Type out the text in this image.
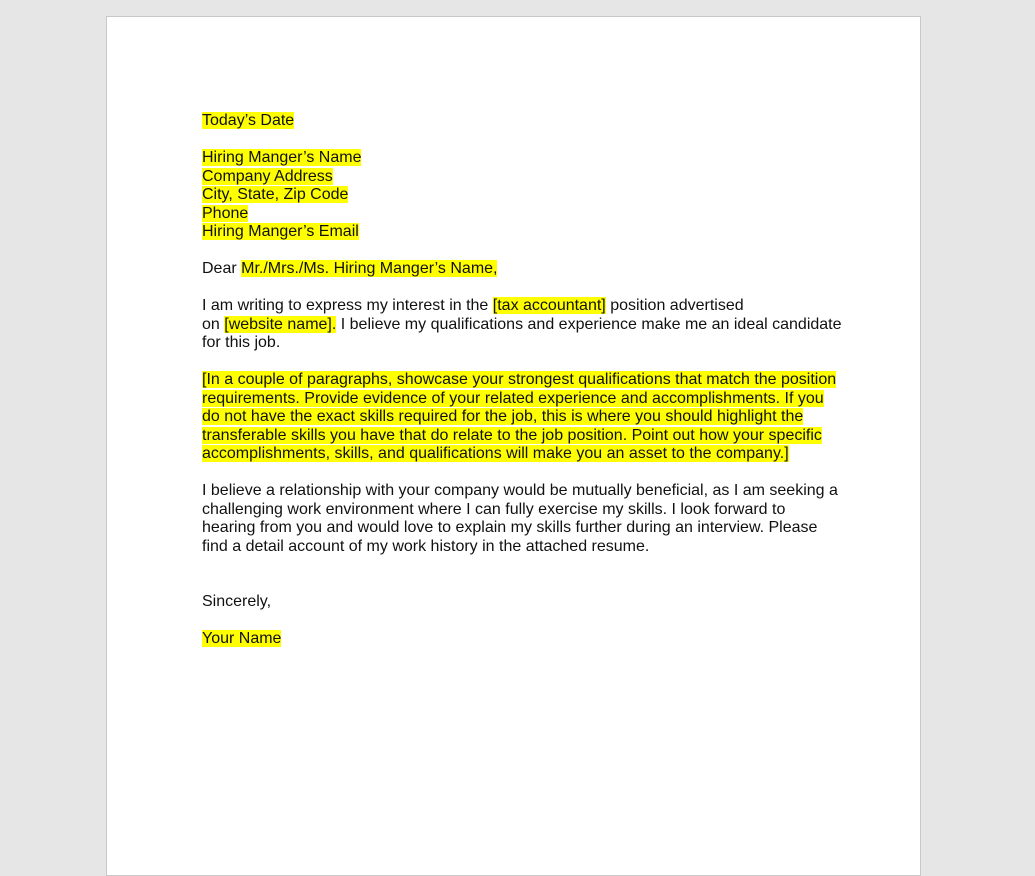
Today’s Date
Hiring Manger’s Name
Company Address
City, State, Zip Code
Phone
Hiring Manger’s Email
Dear Mr./Mrs./Ms. Hiring Manger’s Name,
I am writing to express my interest in the [tax accountant] position advertised
on [website name]. I believe my qualifications and experience make me an ideal candidate for this job.
[In a couple of paragraphs, showcase your strongest qualifications that match the position requirements. Provide evidence of your related experience and accomplishments. If you do not have the exact skills required for the job, this is where you should highlight the transferable skills you have that do relate to the job position. Point out how your specific accomplishments, skills, and qualifications will make you an asset to the company.]
I believe a relationship with your company would be mutually beneficial, as I am seeking a challenging work environment where I can fully exercise my skills. I look forward to hearing from you and would love to explain my skills further during an interview. Please find a detail account of my work history in the attached resume.
Sincerely,
Your Name
